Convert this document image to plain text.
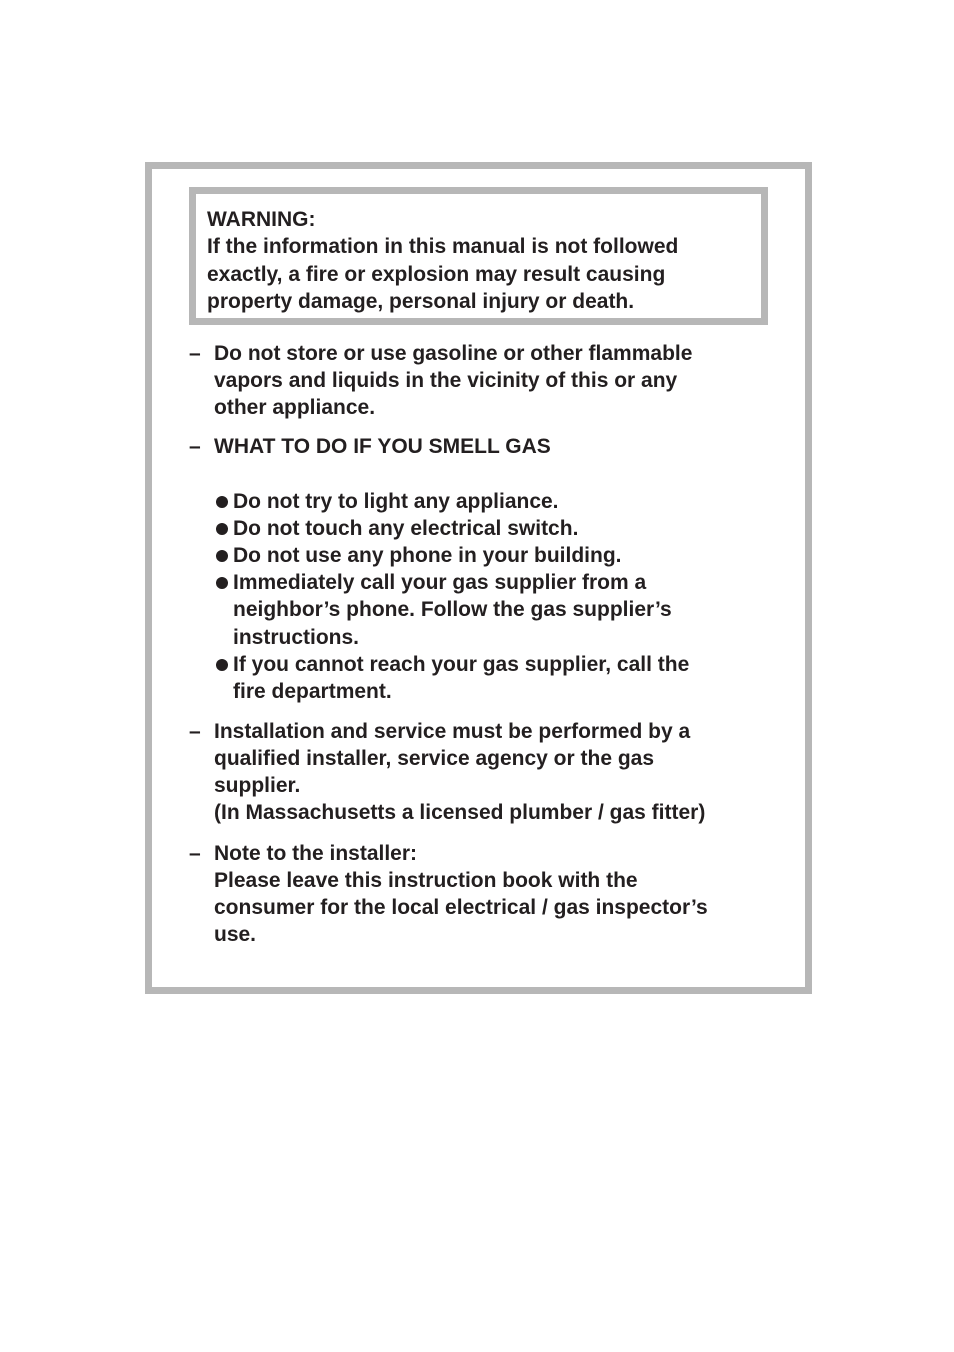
WARNING:
If the information in this manual is not followed
exactly, a fire or explosion may result causing
property damage, personal injury or death.

– Do not store or use gasoline or other flammable

vapors and liquids in the vicinity of this or any

other appliance.

– WHAT TO DO IF YOU SMELL GAS

Do not try to light any appliance.

Do not touch any electrical switch.

Do not use any phone in your building.

Immediately call your gas supplier from a

neighbor’s phone. Follow the gas supplier’s

instructions.

If you cannot reach your gas supplier, call the

fire department.

– Installation and service must be performed by a

qualified installer, service agency or the gas

supplier.

(In Massachusetts a licensed plumber / gas fitter)

– Note to the installer:

Please leave this instruction book with the

consumer for the local electrical / gas inspector’s

use.
